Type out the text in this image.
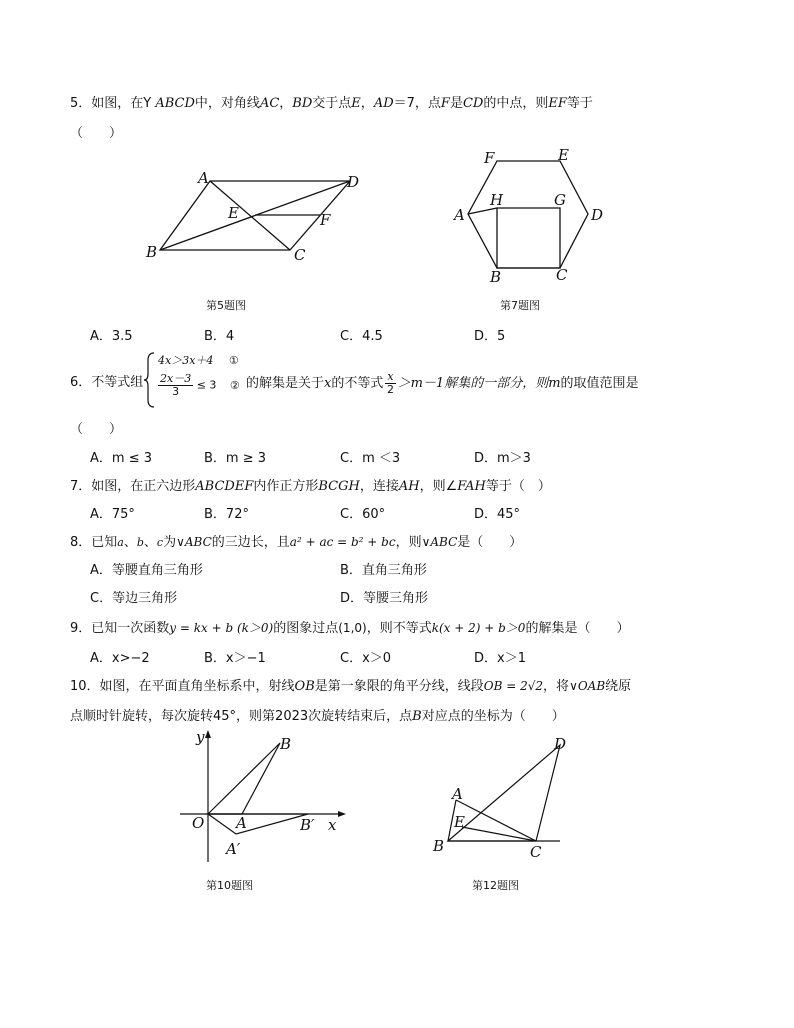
5．如图，在Y ABCD中，对角线AC，BD交于点E，AD＝7，点F是CD的中点，则EF等于
（　　）
A
B	C
D
E	F
第5题图
F	E
A	D
H	G
B	C
第7题图
A．3.5	B．4	C．4.5	D．5
6．不等式组
4x＞3x＋4 ①
$\frac{2x-3}{3} \le 3$ ② 的解集是关于x的不等式 $\frac{x}{2} >m-1$解集的一部分，则m的取值范围是
（　　）
A．m ≤ 3	B．m ≥ 3	C．m ＜3	D．m＞3
7．如图，在正六边形ABCDEF内作正方形BCGH，连接AH，则∠FAH等于（　）
A．75°	B．72°	C．60°	D．45°
8．已知a、b、c为∨ABC的三边长，且a² + ac = b² + bc，则∨ABC是（　　）
A．等腰直角三角形	B．直角三角形
C．等边三角形	D．等腰三角形
9．已知一次函数y = kx + b (k＞0)的图象过点(1,0)，则不等式k(x + 2) + b＞0的解集是（　　）
A．x>−2	B．x＞−1	C．x＞0	D．x＞1
10．如图，在平面直角坐标系中，射线OB是第一象限的角平分线，线段OB = 2√2，将∨OAB绕原
点顺时针旋转，每次旋转45°，则第2023次旋转结束后，点B对应点的坐标为（　　）
y
x
O A
B
A′
B′
第10题图
D
A
E
B	C
第12题图
